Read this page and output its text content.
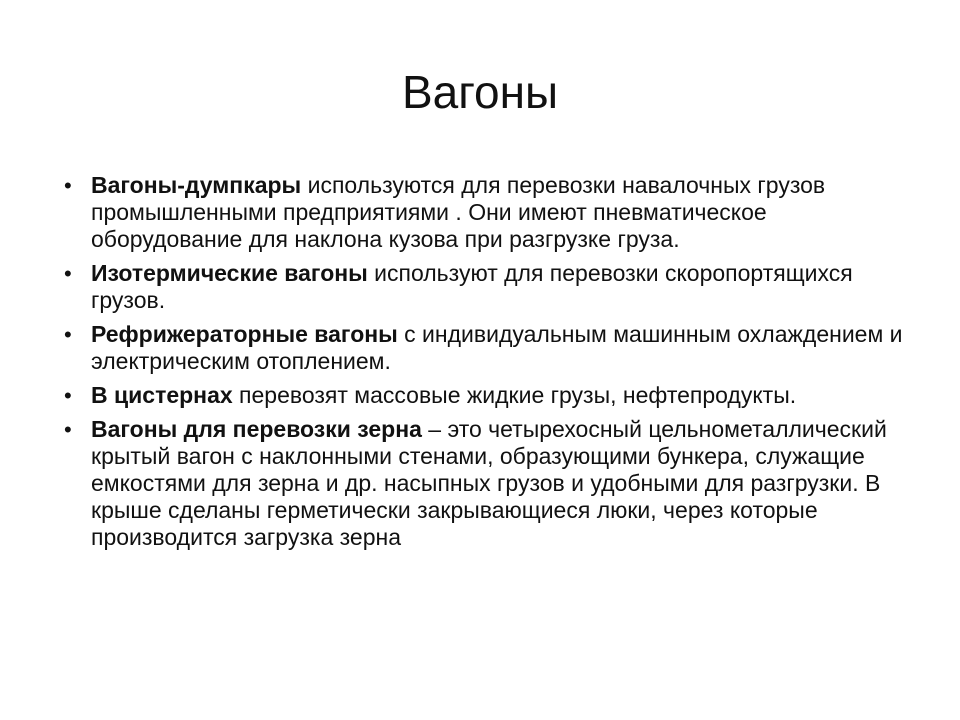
Вагоны
• Вагоны-думпкары используются для перевозки навалочных грузов промышленными предприятиями . Они имеют пневматическое оборудование для наклона кузова при разгрузке груза.
• Изотермические вагоны используют для перевозки скоропортящихся грузов.
• Рефрижераторные вагоны с индивидуальным машинным охлаждением и электрическим отоплением.
• В цистернах перевозят массовые жидкие грузы, нефтепродукты.
• Вагоны для перевозки зерна – это четырехосный цельнометаллический крытый вагон с наклонными стенами, образующими бункера, служащие емкостями для зерна и др. насыпных грузов и удобными для разгрузки. В крыше сделаны герметически закрывающиеся люки, через которые производится загрузка зерна
